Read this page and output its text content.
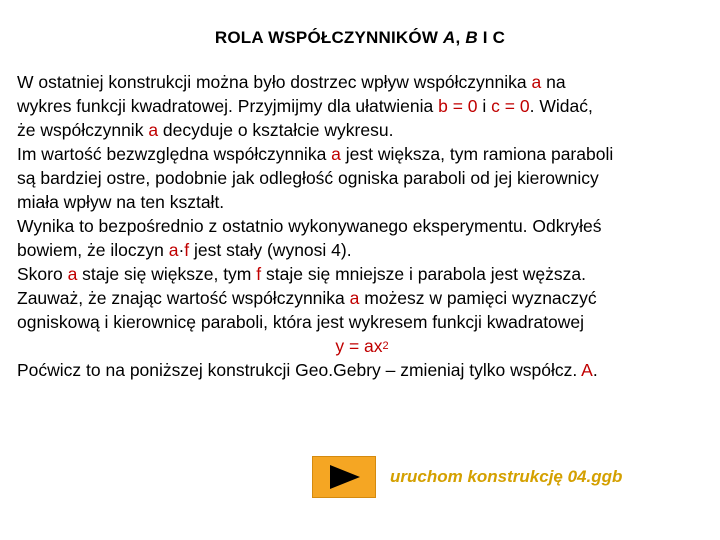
ROLA WSPÓŁCZYNNIKÓW A, B I C
W ostatniej konstrukcji można było dostrzec wpływ współczynnika a na
wykres funkcji kwadratowej. Przyjmijmy dla ułatwienia b = 0 i c = 0. Widać,
że współczynnik a decyduje o kształcie wykresu.
Im wartość bezwzględna współczynnika a jest większa, tym ramiona paraboli
są bardziej ostre, podobnie jak odległość ogniska paraboli od jej kierownicy
miała wpływ na ten kształt.
Wynika to bezpośrednio z ostatnio wykonywanego eksperymentu. Odkryłeś
bowiem, że iloczyn a·f jest stały (wynosi 4).
Skoro a staje się większe, tym f staje się mniejsze i parabola jest węższa.
Zauważ, że znając wartość współczynnika a możesz w pamięci wyznaczyć
ogniskową i kierownicę paraboli, która jest wykresem funkcji kwadratowej
$y = ax^2$
Poćwicz to na poniższej konstrukcji Geo.Gebry – zmieniaj tylko współcz. A.
uruchom konstrukcję 04.ggb
